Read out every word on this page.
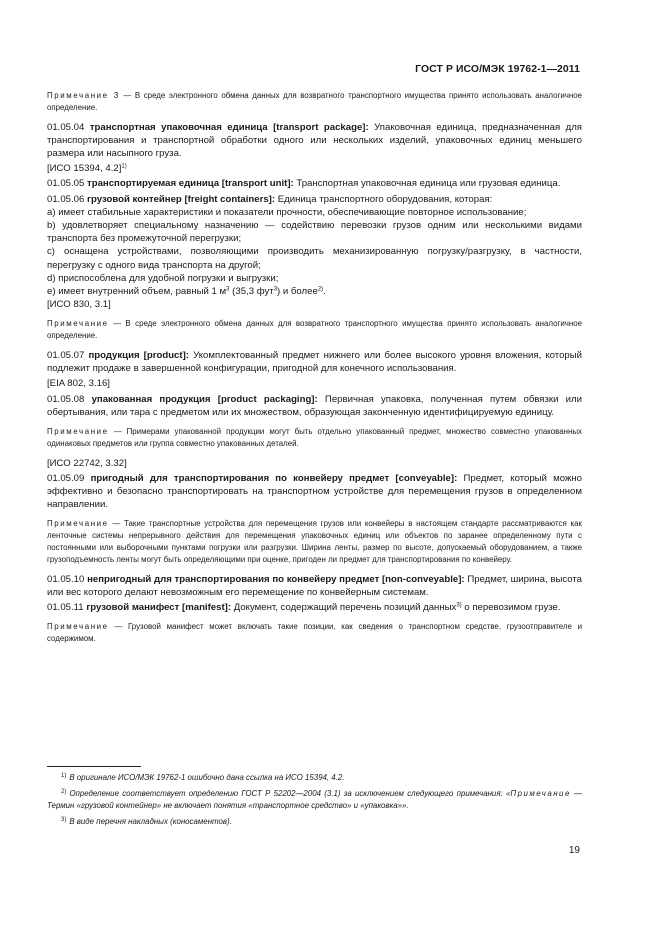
ГОСТ Р ИСО/МЭК 19762-1—2011
Примечание 3 — В среде электронного обмена данных для возвратного транспортного имущества принято использовать аналогичное определение.

01.05.04 транспортная упаковочная единица [transport package]: Упаковочная единица, предназначенная для транспортирования и транспортной обработки одного или нескольких изделий, упаковочных единиц меньшего размера или насыпного груза.

[ИСО 15394, 4.2]$^{1)}$

01.05.05 транспортируемая единица [transport unit]: Транспортная упаковочная единица или грузовая единица.

01.05.06 грузовой контейнер [freight containers]: Единица транспортного оборудования, которая:

a) имеет стабильные характеристики и показатели прочности, обеспечивающие повторное использование;

b) удовлетворяет специальному назначению — содействию перевозки грузов одним или несколькими видами транспорта без промежуточной перегрузки;

c) оснащена устройствами, позволяющими производить механизированную погрузку/разгрузку, в частности, перегрузку с одного вида транспорта на другой;

d) приспособлена для удобной погрузки и выгрузки;

e) имеет внутренний объем, равный 1 $м^3$ (35,3 фут$^3$) и более$^{2)}$.

[ИСО 830, 3.1]

Примечание — В среде электронного обмена данных для возвратного транспортного имущества принято использовать аналогичное определение.

01.05.07 продукция [product]: Укомплектованный предмет нижнего или более высокого уровня вложения, который подлежит продаже в завершенной конфигурации, пригодной для конечного использования.

[EIA 802, 3.16]

01.05.08 упакованная продукция [product packaging]: Первичная упаковка, полученная путем обвязки или обертывания, или тара с предметом или их множеством, образующая законченную идентифицируемую единицу.

Примечание — Примерами упакованной продукции могут быть отдельно упакованный предмет, множество совместно упакованных одинаковых предметов или группа совместно упакованных деталей.

[ИСО 22742, 3.32]

01.05.09 пригодный для транспортирования по конвейеру предмет [conveyable]: Предмет, который можно эффективно и безопасно транспортировать на транспортном устройстве для перемещения грузов в определенном направлении.

Примечание — Такие транспортные устройства для перемещения грузов или конвейеры в настоящем стандарте рассматриваются как ленточные системы непрерывного действия для перемещения упаковочных единиц или объектов по заранее определенному пути с постоянными или выборочными пунктами погрузки или разгрузки. Ширина ленты, размер по высоте, допускаемый оборудованием, а также грузоподъемность ленты могут быть определяющими при оценке, пригоден ли предмет для транспортирования по конвейеру.

01.05.10 непригодный для транспортирования по конвейеру предмет [non-conveyable]: Предмет, ширина, высота или вес которого делают невозможным его перемещение по конвейерным системам.

01.05.11 грузовой манифест [manifest]: Документ, содержащий перечень позиций данных$^{3)}$ о перевозимом грузе.

Примечание — Грузовой манифест может включать такие позиции, как сведения о транспортном средстве, грузоотправителе и содержимом.

$^{1)}$ В оригинале ИСО/МЭК 19762-1 ошибочно дана ссылка на ИСО 15394, 4.2.

$^{2)}$ Определение соответствует определению ГОСТ Р 52202—2004 (3.1) за исключением следующего примечания: «Примечание — Термин «грузовой контейнер» не включает понятия «транспортное средство» и «упаковка»».

$^{3)}$ В виде перечня накладных (коносаментов).

19
